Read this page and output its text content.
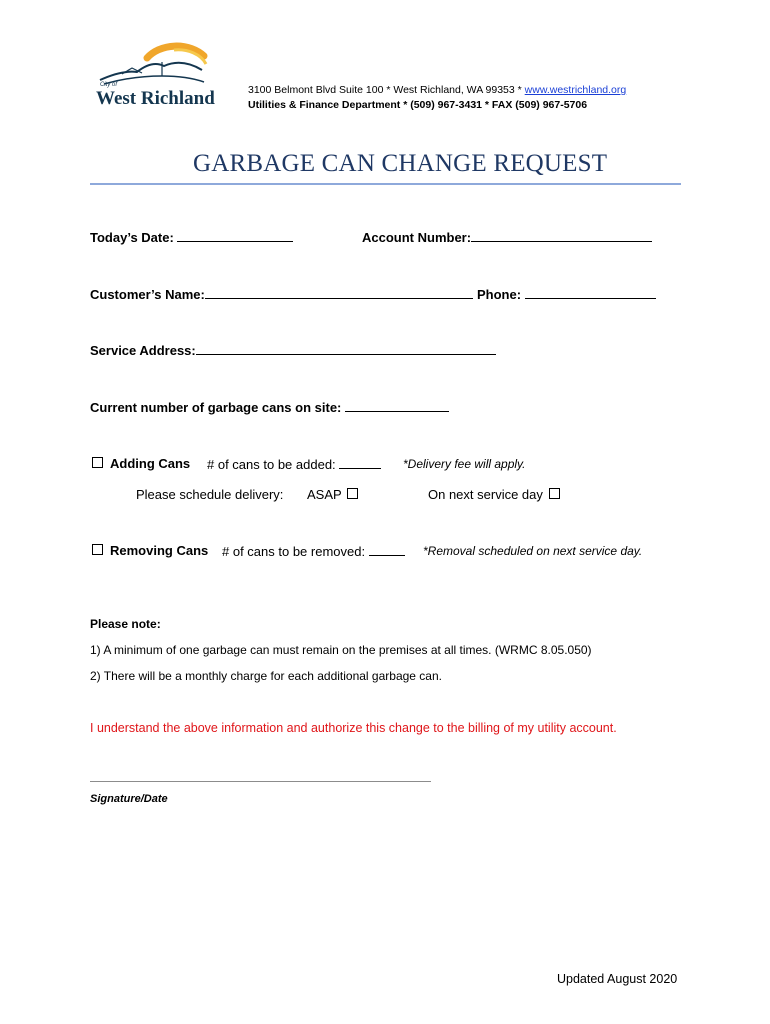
City of
West Richland	3100 Belmont Blvd Suite 100 * West Richland, WA 99353 * www.westrichland.org
Utilities & Finance Department * (509) 967-3431 * FAX (509) 967-5706
GARBAGE CAN CHANGE REQUEST
Today’s Date:	Account Number:
Customer’s Name:	Phone:
Service Address:
Current number of garbage cans on site:
Adding Cans # of cans to be added:	*Delivery fee will apply.
Please schedule delivery: ASAP	On next service day
Removing Cans # of cans to be removed:	*Removal scheduled on next service day.
Please note:
1) A minimum of one garbage can must remain on the premises at all times. (WRMC 8.05.050)
2) There will be a monthly charge for each additional garbage can.
I understand the above information and authorize this change to the billing of my utility account.
Signature/Date
Updated August 2020
